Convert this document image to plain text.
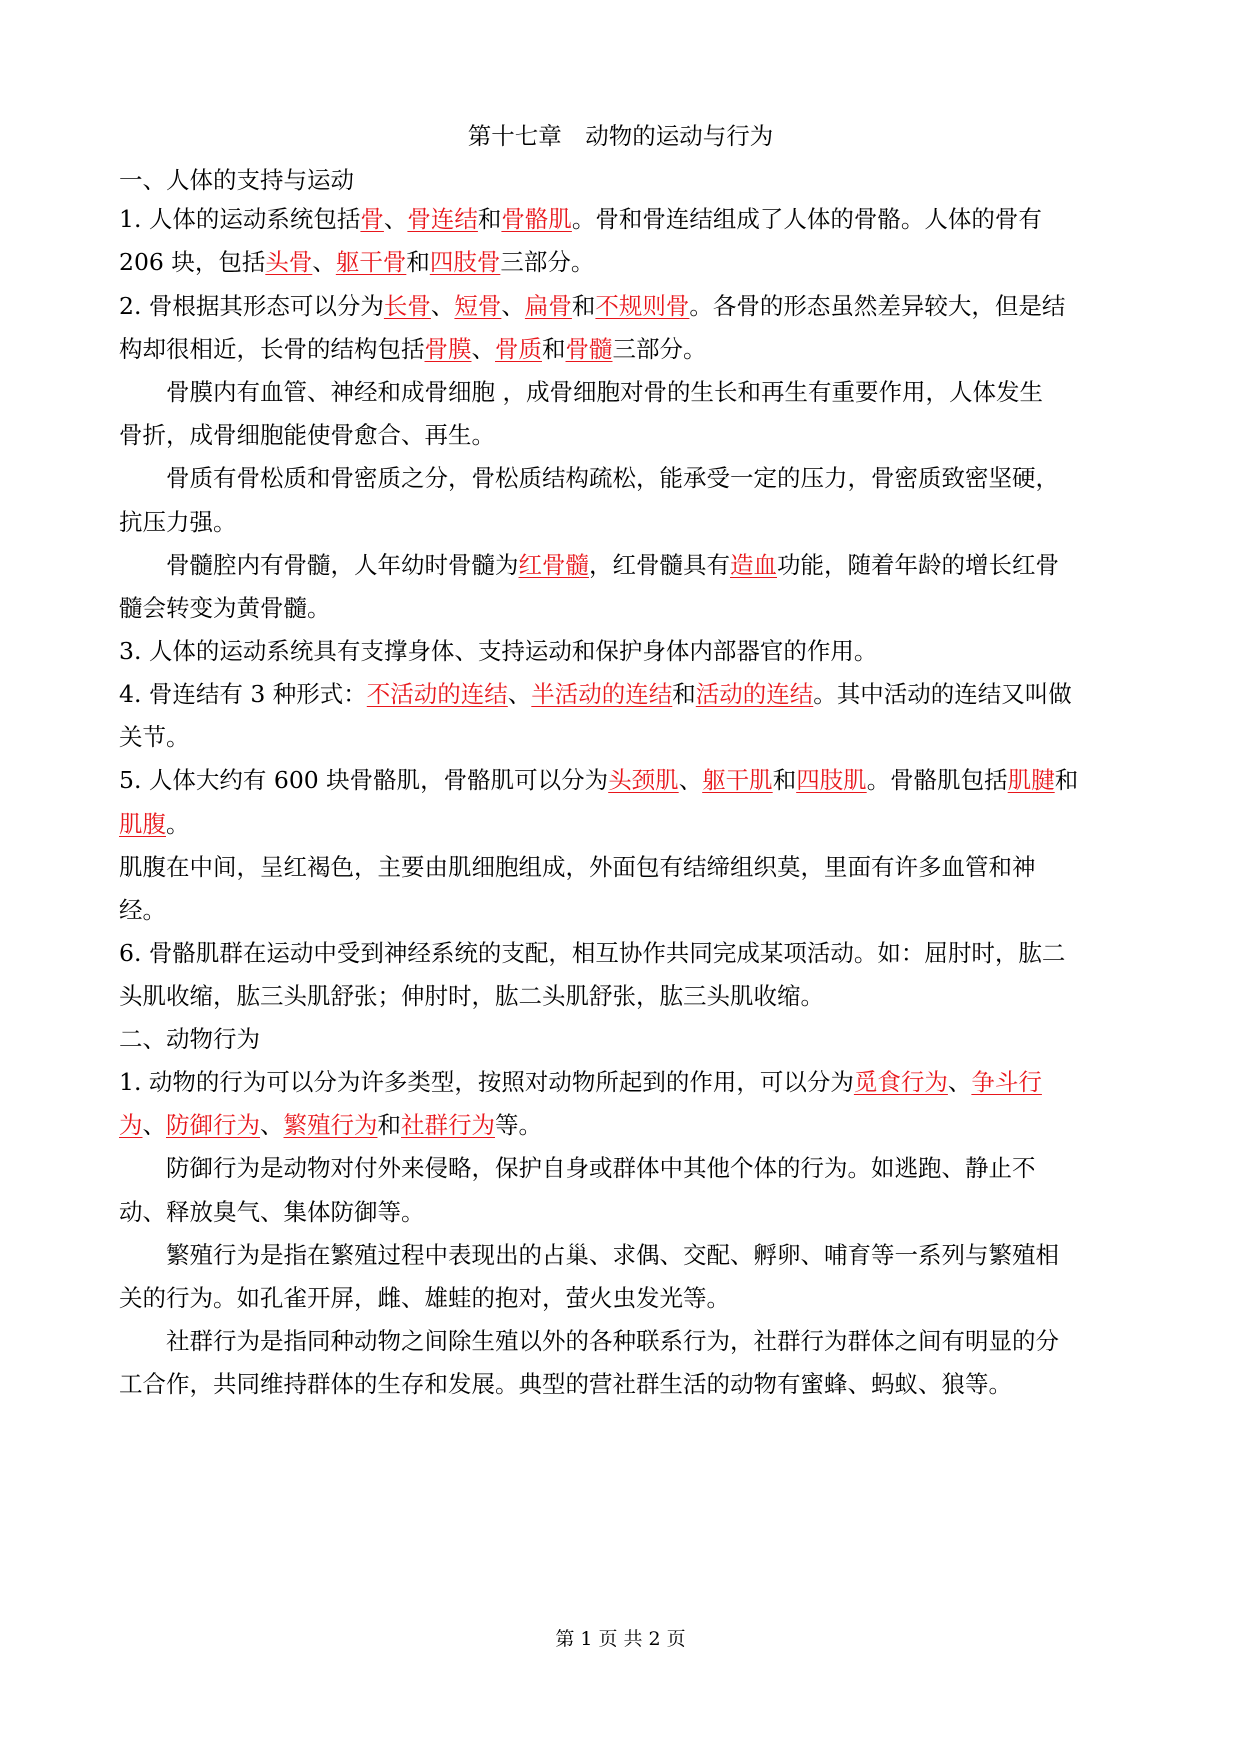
第十七章　动物的运动与行为
一、人体的支持与运动
1. 人体的运动系统包括骨、骨连结和骨骼肌。骨和骨连结组成了人体的骨骼。人体的骨有
206 块，包括头骨、躯干骨和四肢骨三部分。
2. 骨根据其形态可以分为长骨、短骨、扁骨和不规则骨。各骨的形态虽然差异较大，但是结
构却很相近，长骨的结构包括骨膜、骨质和骨髓三部分。
　　骨膜内有血管、神经和成骨细胞 ，成骨细胞对骨的生长和再生有重要作用，人体发生
骨折，成骨细胞能使骨愈合、再生。
　　骨质有骨松质和骨密质之分，骨松质结构疏松，能承受一定的压力，骨密质致密坚硬，
抗压力强。
　　骨髓腔内有骨髓，人年幼时骨髓为红骨髓，红骨髓具有造血功能，随着年龄的增长红骨
髓会转变为黄骨髓。
3. 人体的运动系统具有支撑身体、支持运动和保护身体内部器官的作用。
4. 骨连结有 3 种形式：不活动的连结、半活动的连结和活动的连结。其中活动的连结又叫做
关节。
5. 人体大约有 600 块骨骼肌，骨骼肌可以分为头颈肌、躯干肌和四肢肌。骨骼肌包括肌腱和
肌腹。
肌腹在中间，呈红褐色，主要由肌细胞组成，外面包有结缔组织莫，里面有许多血管和神
经。
6. 骨骼肌群在运动中受到神经系统的支配，相互协作共同完成某项活动。如：屈肘时，肱二
头肌收缩，肱三头肌舒张；伸肘时，肱二头肌舒张，肱三头肌收缩。
二、动物行为
1. 动物的行为可以分为许多类型，按照对动物所起到的作用，可以分为觅食行为、争斗行
为、防御行为、繁殖行为和社群行为等。
　　防御行为是动物对付外来侵略，保护自身或群体中其他个体的行为。如逃跑、静止不
动、释放臭气、集体防御等。
　　繁殖行为是指在繁殖过程中表现出的占巢、求偶、交配、孵卵、哺育等一系列与繁殖相
关的行为。如孔雀开屏，雌、雄蛙的抱对，萤火虫发光等。
　　社群行为是指同种动物之间除生殖以外的各种联系行为，社群行为群体之间有明显的分
工合作，共同维持群体的生存和发展。典型的营社群生活的动物有蜜蜂、蚂蚁、狼等。
第 1 页 共 2 页
